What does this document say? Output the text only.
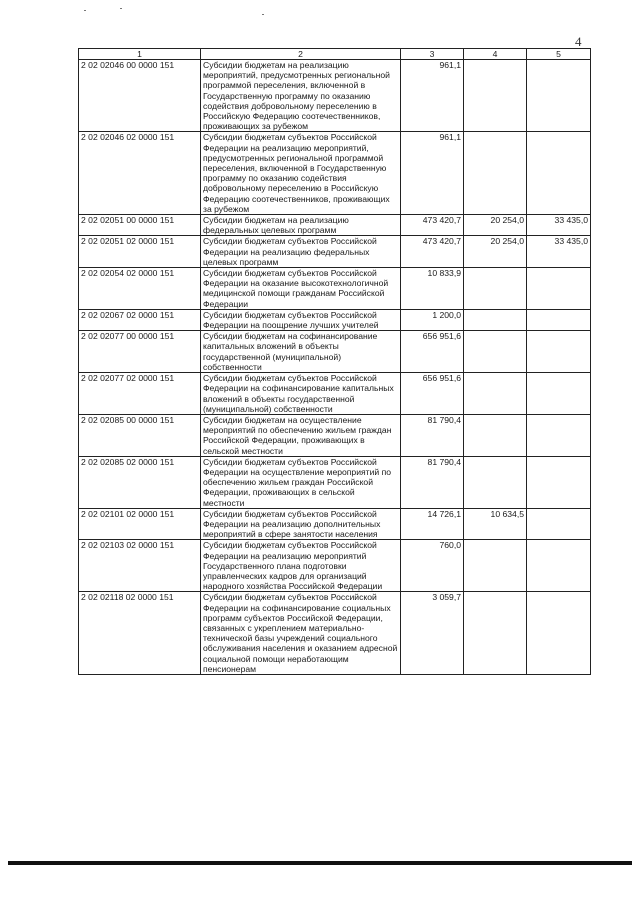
4
1	2	3	4	5
2 02 02046 00 0000 151	Субсидии бюджетам на реализацию мероприятий, предусмотренных региональной программой переселения, включенной в Государственную программу по оказанию содействия добровольному переселению в Российскую Федерацию соотечественников, проживающих за рубежом	961,1		
2 02 02046 02 0000 151	Субсидии бюджетам субъектов Российской Федерации на реализацию мероприятий, предусмотренных региональной программой переселения, включенной в Государственную программу по оказанию содействия добровольному переселению в Российскую Федерацию соотечественников, проживающих за рубежом	961,1		
2 02 02051 00 0000 151	Субсидии бюджетам на реализацию федеральных целевых программ	473 420,7	20 254,0	33 435,0
2 02 02051 02 0000 151	Субсидии бюджетам субъектов Российской Федерации на реализацию федеральных целевых программ	473 420,7	20 254,0	33 435,0
2 02 02054 02 0000 151	Субсидии бюджетам субъектов Российской Федерации на оказание высокотехнологичной медицинской помощи гражданам Российской Федерации	10 833,9		
2 02 02067 02 0000 151	Субсидии бюджетам субъектов Российской Федерации на поощрение лучших учителей	1 200,0		
2 02 02077 00 0000 151	Субсидии бюджетам на софинансирование капитальных вложений в объекты государственной (муниципальной) собственности	656 951,6		
2 02 02077 02 0000 151	Субсидии бюджетам субъектов Российской Федерации на софинансирование капитальных вложений в объекты государственной (муниципальной) собственности	656 951,6		
2 02 02085 00 0000 151	Субсидии бюджетам на осуществление мероприятий по обеспечению жильем граждан Российской Федерации, проживающих в сельской местности	81 790,4		
2 02 02085 02 0000 151	Субсидии бюджетам субъектов Российской Федерации на осуществление мероприятий по обеспечению жильем граждан Российской Федерации, проживающих в сельской местности	81 790,4		
2 02 02101 02 0000 151	Субсидии бюджетам субъектов Российской Федерации на реализацию дополнительных мероприятий в сфере занятости населения	14 726,1	10 634,5	
2 02 02103 02 0000 151	Субсидии бюджетам субъектов Российской Федерации на реализацию мероприятий Государственного плана подготовки управленческих кадров для организаций народного хозяйства Российской Федерации	760,0		
2 02 02118 02 0000 151	Субсидии бюджетам субъектов Российской Федерации на софинансирование социальных программ субъектов Российской Федерации, связанных с укреплением материально-технической базы учреждений социального обслуживания населения и оказанием адресной социальной помощи неработающим пенсионерам	3 059,7		
